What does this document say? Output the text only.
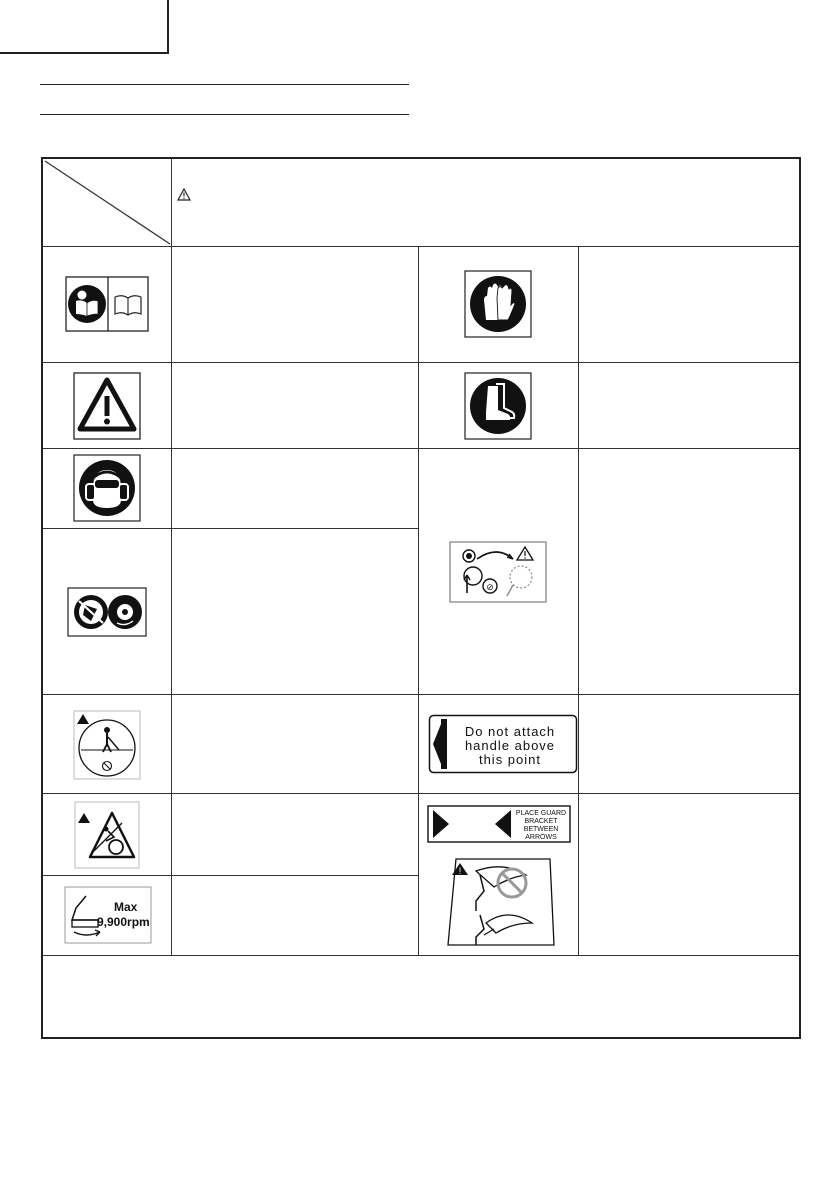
⊘
Do not attach
handle above
this point
Max
9,900rpm
PLACE GUARD
BRACKET
BETWEEN
ARROWS
!
